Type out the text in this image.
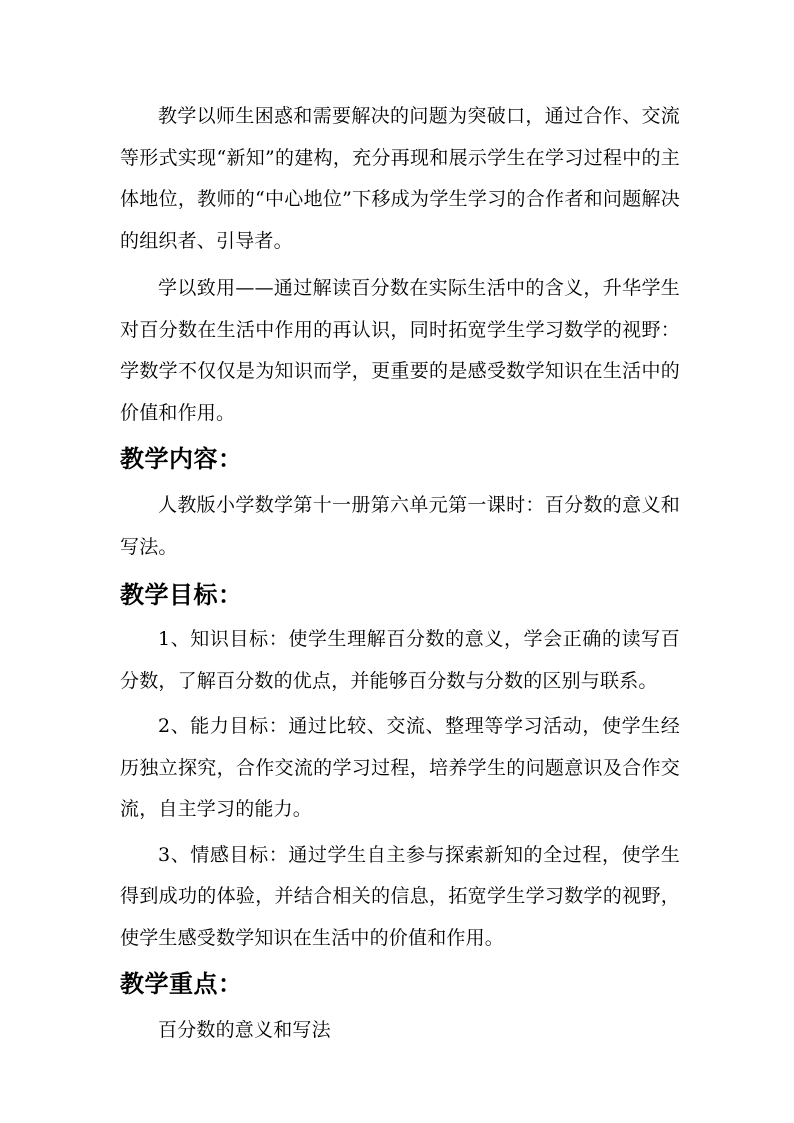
教学以师生困惑和需要解决的问题为突破口，通过合作、交流等形式实现“新知”的建构，充分再现和展示学生在学习过程中的主体地位，教师的“中心地位”下移成为学生学习的合作者和问题解决的组织者、引导者。

学以致用——通过解读百分数在实际生活中的含义，升华学生对百分数在生活中作用的再认识，同时拓宽学生学习数学的视野：学数学不仅仅是为知识而学，更重要的是感受数学知识在生活中的价值和作用。

教学内容：

人教版小学数学第十一册第六单元第一课时：百分数的意义和写法。

教学目标：

1、知识目标：使学生理解百分数的意义，学会正确的读写百分数，了解百分数的优点，并能够百分数与分数的区别与联系。

2、能力目标：通过比较、交流、整理等学习活动，使学生经历独立探究，合作交流的学习过程，培养学生的问题意识及合作交流，自主学习的能力。

3、情感目标：通过学生自主参与探索新知的全过程，使学生得到成功的体验，并结合相关的信息，拓宽学生学习数学的视野，使学生感受数学知识在生活中的价值和作用。

教学重点：

百分数的意义和写法
